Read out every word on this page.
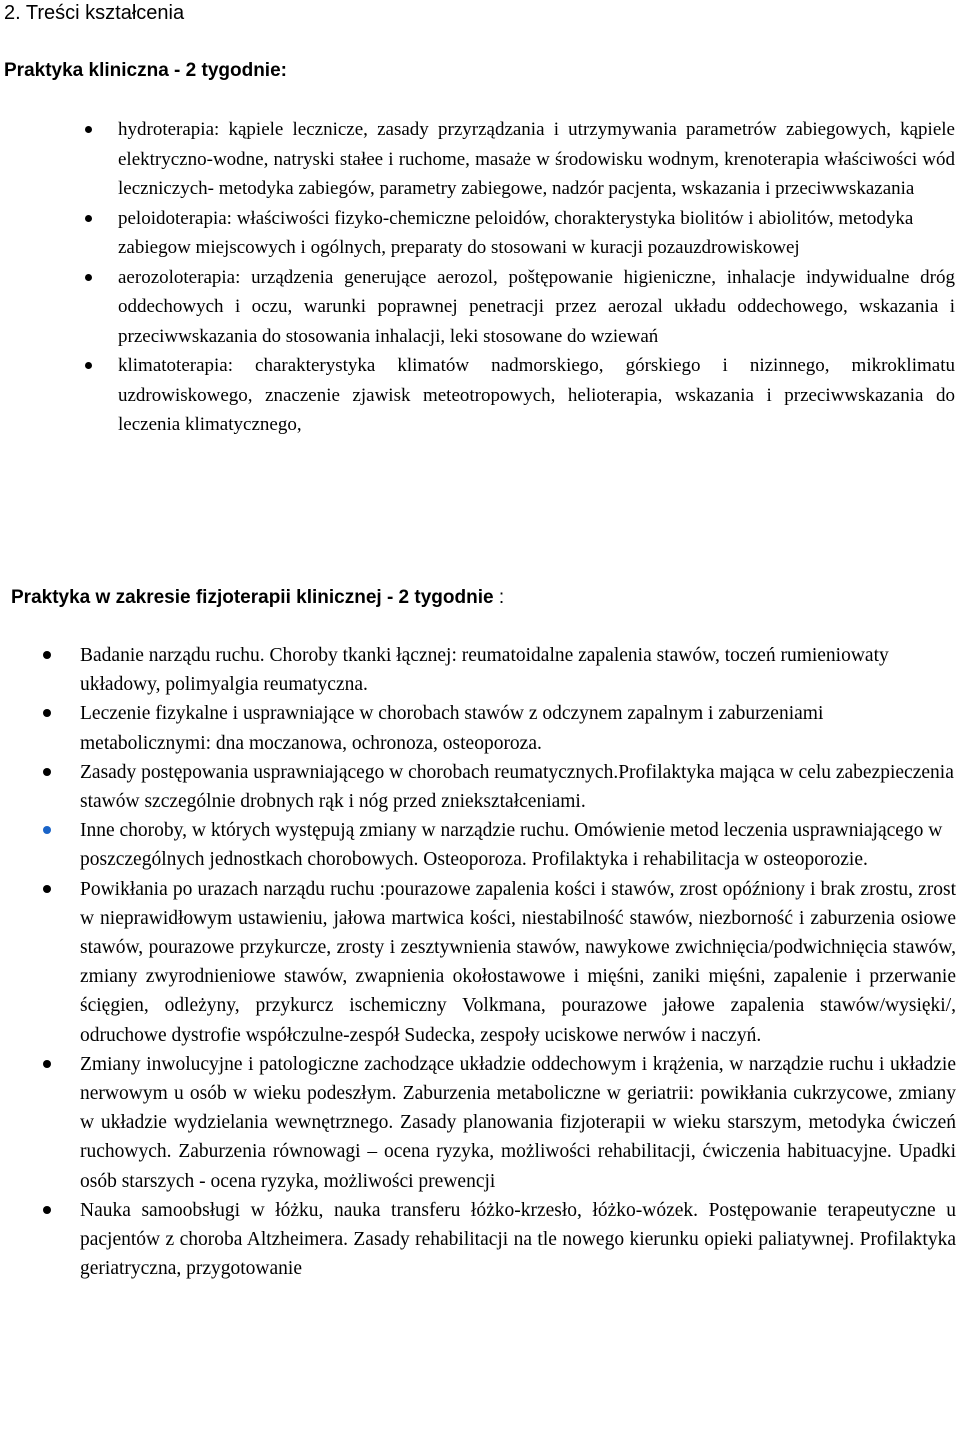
2. Treści kształcenia
Praktyka kliniczna - 2 tygodnie:
hydroterapia: kąpiele lecznicze, zasady przyrządzania i utrzymywania parametrów zabiegowych, kąpiele elektryczno-wodne, natryski stałee i ruchome, masaże w środowisku wodnym, krenoterapia właściwości wód leczniczych- metodyka zabiegów, parametry zabiegowe, nadzór pacjenta, wskazania i przeciwwskazania
peloidoterapia: właściwości fizyko-chemiczne peloidów, chorakterystyka biolitów i abiolitów, metodyka zabiegow miejscowych i ogólnych, preparaty do stosowani w kuracji pozauzdrowiskowej
aerozoloterapia: urządzenia generujące aerozol, poštępowanie higieniczne, inhalacje indywidualne dróg oddechowych i oczu, warunki poprawnej penetracji przez aerozal układu oddechowego, wskazania i przeciwwskazania do stosowania inhalacji, leki stosowane do wziewań
klimatoterapia: charakterystyka klimatów nadmorskiego, górskiego i nizinnego, mikroklimatu uzdrowiskowego, znaczenie zjawisk meteotropowych, helioterapia, wskazania i przeciwwskazania do leczenia klimatycznego,
Praktyka w zakresie fizjoterapii klinicznej - 2 tygodnie :
Badanie narządu ruchu. Choroby tkanki łącznej: reumatoidalne zapalenia stawów, toczeń rumieniowaty układowy, polimyalgia reumatyczna.
Leczenie fizykalne i usprawniające w chorobach stawów z odczynem zapalnym i zaburzeniami metabolicznymi: dna moczanowa, ochronoza, osteoporoza.
Zasady postępowania usprawniającego w chorobach reumatycznych.Profilaktyka mająca w celu zabezpieczenia stawów szczególnie drobnych rąk i nóg przed zniekształceniami.
Inne choroby, w których występują zmiany w narządzie ruchu. Omówienie metod leczenia usprawniającego w poszczególnych jednostkach chorobowych. Osteoporoza. Profilaktyka i rehabilitacja w osteoporozie.
Powikłania po urazach narządu ruchu :pourazowe zapalenia kości i stawów, zrost opóźniony i brak zrostu, zrost w nieprawidłowym ustawieniu, jałowa martwica kości, niestabilność stawów, niezborność i zaburzenia osiowe stawów, pourazowe przykurcze, zrosty i zesztywnienia stawów, nawykowe zwichnięcia/podwichnięcia stawów, zmiany zwyrodnieniowe stawów, zwapnienia okołostawowe i mięśni, zaniki mięśni, zapalenie i przerwanie ścięgien, odleżyny, przykurcz ischemiczny Volkmana, pourazowe jałowe zapalenia stawów/wysięki/, odruchowe dystrofie współczulne-zespół Sudecka, zespoły uciskowe nerwów i naczyń.
Zmiany inwolucyjne i patologiczne zachodzące układzie oddechowym i krążenia, w narządzie ruchu i układzie nerwowym u osób w wieku podeszłym. Zaburzenia metaboliczne w geriatrii: powikłania cukrzycowe, zmiany w układzie wydzielania wewnętrznego. Zasady planowania fizjoterapii w wieku starszym, metodyka ćwiczeń ruchowych. Zaburzenia równowagi – ocena ryzyka, możliwości rehabilitacji, ćwiczenia habituacyjne. Upadki osób starszych - ocena ryzyka, możliwości prewencji
Nauka samoobsługi w łóżku, nauka transferu łóżko-krzesło, łóżko-wózek. Postępowanie terapeutyczne u pacjentów z choroba Altzheimera. Zasady rehabilitacji na tle nowego kierunku opieki paliatywnej. Profilaktyka geriatryczna, przygotowanie
